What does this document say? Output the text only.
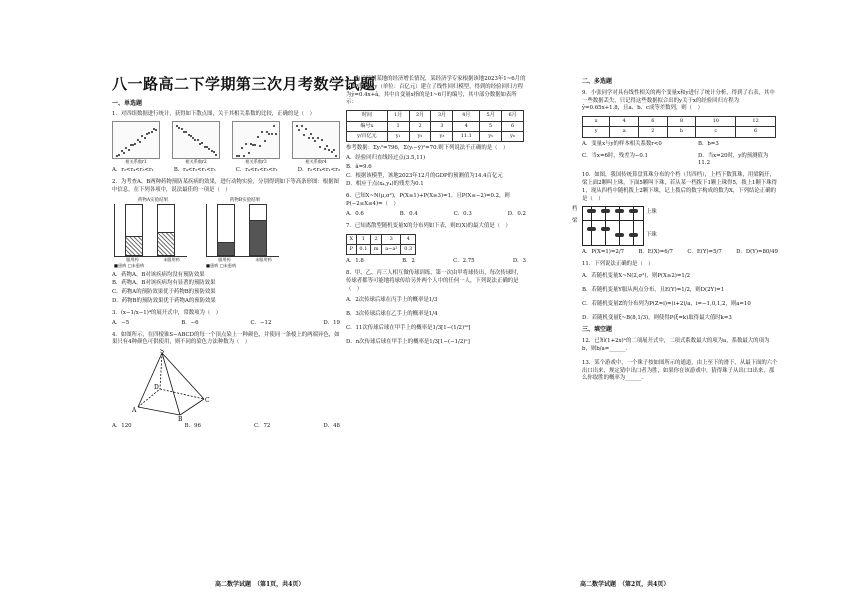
八一路高二下学期第三次月考数学试题
一、单选题
1．对四组数据进行统计，获得如下散点图，关于其相关系数的比较，正确的是（　）
相关系数r1	相关系数r2	相关系数r3	相关系数r4
A．r₂<r₄<r₃<r₁	B．r₄<r₂<r₁<r₃	C．r₄<r₂<r₃<r₁	D．r₂<r₄<r₁<r₃
2．为考查A、B两种药物预防某疾病的效果，进行动物实验，分别得到如下等高条形图：根据图中信息，在下列各项中，说法最佳的一项是（　）
药物A实验结果
服用药	未服用药
■患病 □未患病
药物B实验结果
服用药	未服用药
■患病 □未患病
A．药物A、B对该疾病均没有预防效果
B．药物A、B对该疾病均有显著的预防效果
C．药物A的预防效果优于药物B的预防效果
D．药物B的预防效果优于药物A的预防效果
3．(x−1/x−1)⁴的展开式中，常数项为（　）
A．−5	B．−6	C．−12	D．19
4．如图所示，在四棱锥S−ABCD的每一个顶点染上一种颜色，并使同一条棱上的两端异色，如果只有4种颜色可供使用，则不同的染色方法种数为（　）
S
A
B
C
D
A．120	B．96	C．72	D．48
高二数学试题　（第1页，共4页）
5．为了预测某地的经济增长情况，某经济学专家根据该地2023年1~6月的GDP的数据y（单位：百亿元）建立了线性回归模型，得到的经验回归方程为ŷ=0.4x+â，其中自变量x指的是1~6月的编号，其中部分数据如表所示：
时间	1月	2月	3月	4月	5月	6月
编号x	1	2	3	4	5	6
y/百亿元	y₁	y₂	y₃	11.1	y₅	y₆
参考数据：Σyᵢ²=796，Σ(yᵢ−ȳ)²=70.则下列说法不正确的是（　）
A．经验回归直线经过点(3.5,11)
B．â=9.6
C．根据该模型，该地2023年12月的GDP的预测值为14.4百亿元
D．相应于点(x₄,y₄)的残差为0.1
6．已知X~N(μ,σ²)，P(X≥1)+P(X≥3)=1，且P(X≤−2)=0.2，则P(−2≤X≤4)=（　）
A．0.6	B．0.4	C．0.3	D．0.2
7．已知离散型随机变量X的分布列如下表，则E(X)的最大值是（　）
X	1	2	3	4
P	0.1	m	a−a²	0.3
A．1.8	B．2	C．2.75	D．3
8．甲、乙、丙三人相互做传球训练，第一次由甲将球传出，每次传球时，传球者都等可能地将球传给另外两个人中的任何一人，下列说法正确的是（　）
A．2次传球后球在丙手上的概率是1/3
B．3次传球后球在乙手上的概率是1/4
C．11次传球后球在甲手上的概率是1/3[1−(1/2)¹⁰]
D．n次传球后球在甲手上的概率是1/3[1−(−1/2)ⁿ]
二、多选题
9．小张同学对具有线性相关的两个变量x和y进行了统计分析，得到了右表，其中一些数据丢失，只记得这些数据拟合出的y关于x的经验回归方程为ŷ=0.65x+1.8，且a、b、c成等差数列，则（　）
x	4	6	8	10	12
y	a	2	b	c	6
A．变量x与y的样本相关系数r<0	B．b=3
C．当x=6时，残差为−0.1	D．当x=20时，y的预测值为11.2
10．如图，我国传统算盘算珠分布的个档（共四档），上档下数算珠，用梁隔开，梁上面2颗叫上珠，下面5颗叫下珠，若从某一档拨下1颗上珠得5，拨上1颗下珠得1，现从四档中随机拨上2颗下珠，记上拨后的数字构成的数为X，下列结论正确的是（　）
档
梁
上珠
下珠
A．P(X=1)=2/7	B．E(X)=6/7	C．E(Y)=5/7	D．D(Y)=80/49
11．下列说法正确的是（　）
A．若随机变量X~N(2,σ²)，则P(X≥2)=1/2
B．若随机变量Y服从两点分布，且E(Y)=1/2，则D(2Y)=1
C．若随机变量Z的分布列为P(Z=i)=(i+2)/a，i=−1,0,1,2，则a=10
D．若随机变量ξ~B(8,1/3)，则使得P(ξ=k)取得最大值时k=3
三、填空题
12．已知(1+2x)ⁿ的二项展开式中，二项式系数最大的项为a，系数最大的项为b，则b/a=______.
13．某个游戏中，一个珠子按如图所示的通道，由上至下的滑下，从最下面的六个出口出来，规定猜中出口者为胜，如果你在该游戏中，猜得珠子从出口3出来，那么你取胜的概率为______.
高二数学试题　（第2页，共4页）
